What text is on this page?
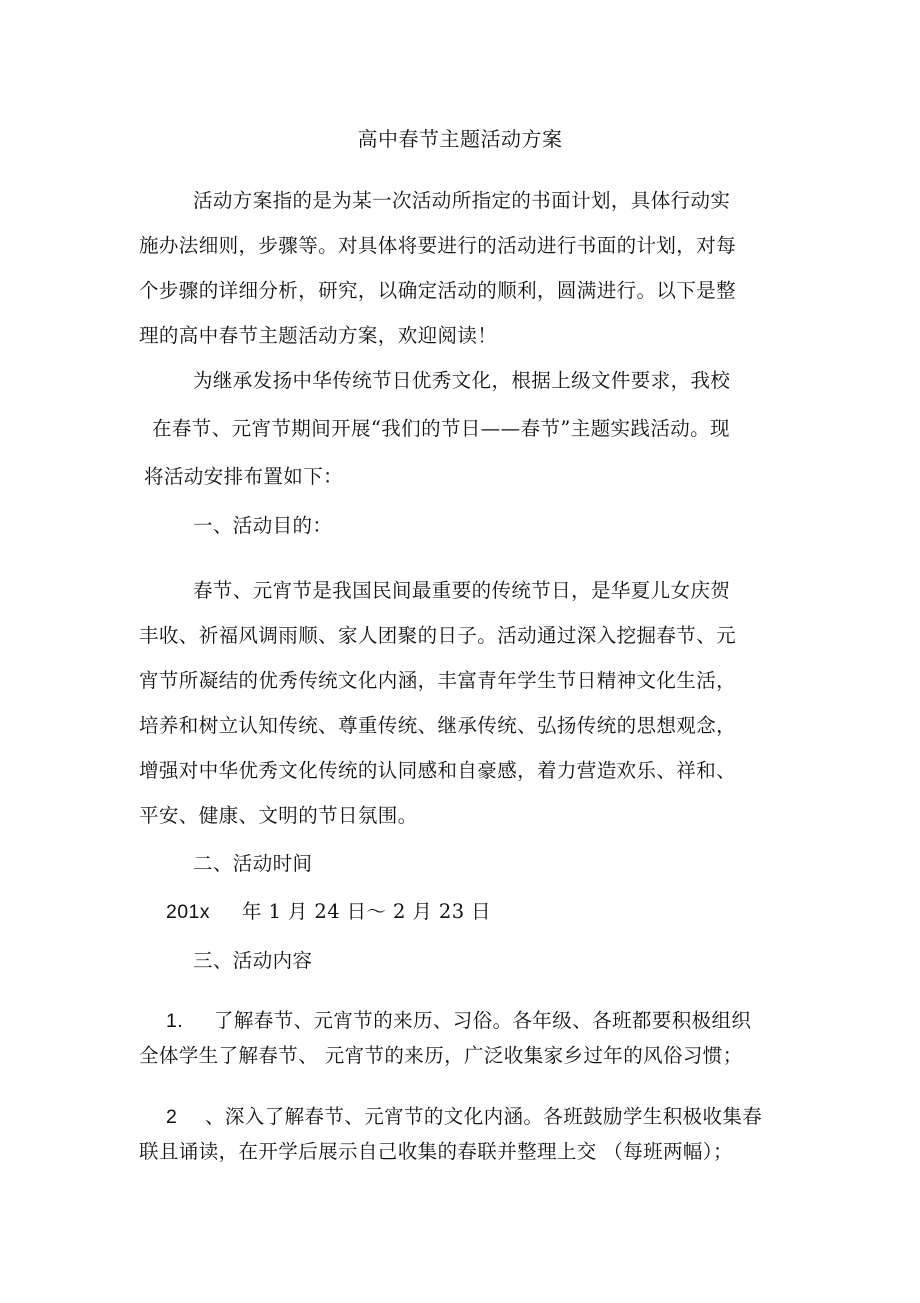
高中春节主题活动方案
活动方案指的是为某一次活动所指定的书面计划，具体行动实
施办法细则，步骤等。对具体将要进行的活动进行书面的计划，对每
个步骤的详细分析，研究，以确定活动的顺利，圆满进行。以下是整
理的高中春节主题活动方案，欢迎阅读！
为继承发扬中华传统节日优秀文化，根据上级文件要求，我校
在春节、元宵节期间开展“我们的节日——春节”主题实践活动。现
将活动安排布置如下：
一、活动目的：
春节、元宵节是我国民间最重要的传统节日，是华夏儿女庆贺
丰收、祈福风调雨顺、家人团聚的日子。活动通过深入挖掘春节、元
宵节所凝结的优秀传统文化内涵，丰富青年学生节日精神文化生活，
培养和树立认知传统、尊重传统、继承传统、弘扬传统的思想观念，
增强对中华优秀文化传统的认同感和自豪感，着力营造欢乐、祥和、
平安、健康、文明的节日氛围。
二、活动时间
201x 年 1 月 24 日～ 2 月 23 日
三、活动内容
1. 了解春节、元宵节的来历、习俗。各年级、各班都要积极组织
全体学生了解春节、 元宵节的来历，广泛收集家乡过年的风俗习惯；
2 、深入了解春节、元宵节的文化内涵。各班鼓励学生积极收集春
联且诵读，在开学后展示自己收集的春联并整理上交 （每班两幅）；
